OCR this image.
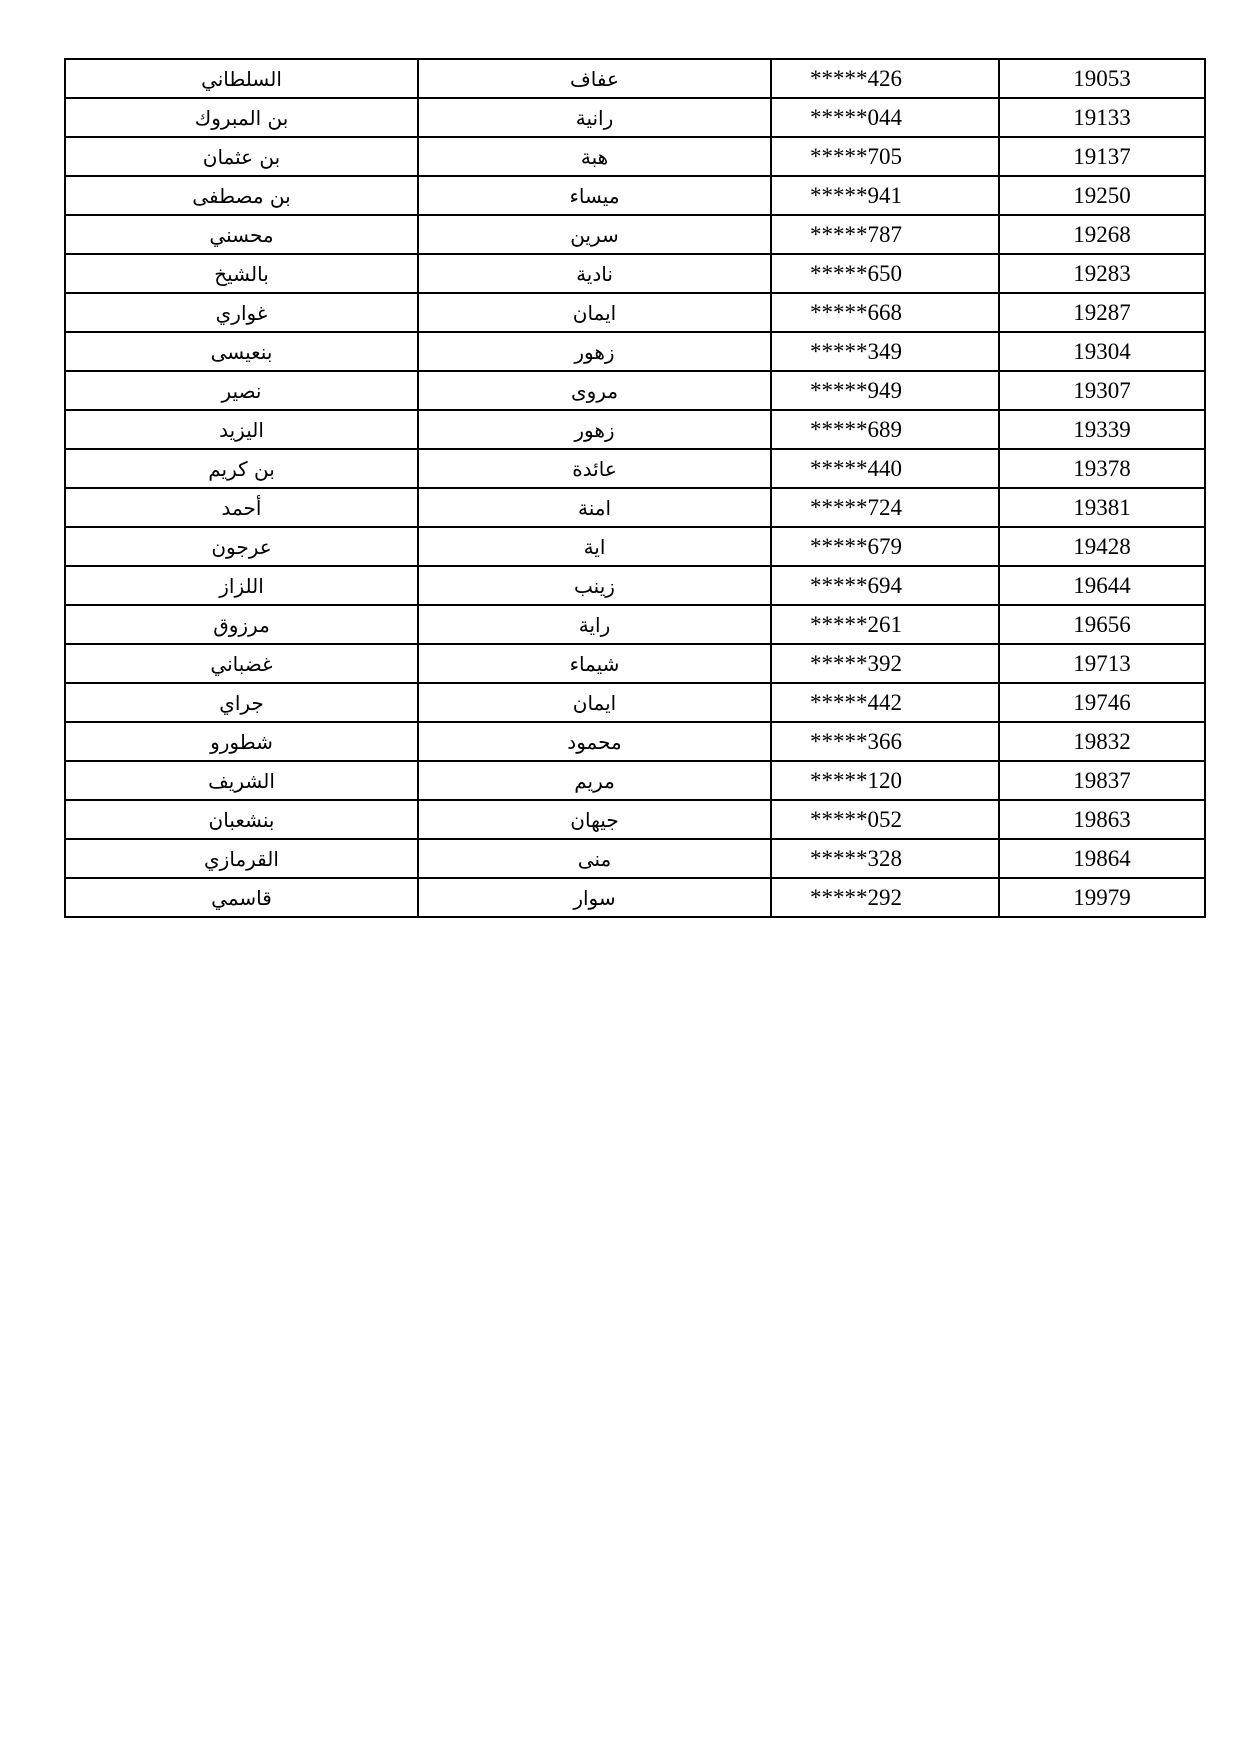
السلطاني	عفاف	*****426	19053
بن المبروك	رانية	*****044	19133
بن عثمان	هبة	*****705	19137
بن مصطفى	ميساء	*****941	19250
محسني	سرين	*****787	19268
بالشيخ	نادية	*****650	19283
غواري	ايمان	*****668	19287
بنعيسى	زهور	*****349	19304
نصير	مروى	*****949	19307
اليزيد	زهور	*****689	19339
بن كريم	عائدة	*****440	19378
أحمد	امنة	*****724	19381
عرجون	اية	*****679	19428
اللزاز	زينب	*****694	19644
مرزوق	راية	*****261	19656
غضباني	شيماء	*****392	19713
جراي	ايمان	*****442	19746
شطورو	محمود	*****366	19832
الشريف	مريم	*****120	19837
بنشعبان	جيهان	*****052	19863
القرمازي	منى	*****328	19864
قاسمي	سوار	*****292	19979
